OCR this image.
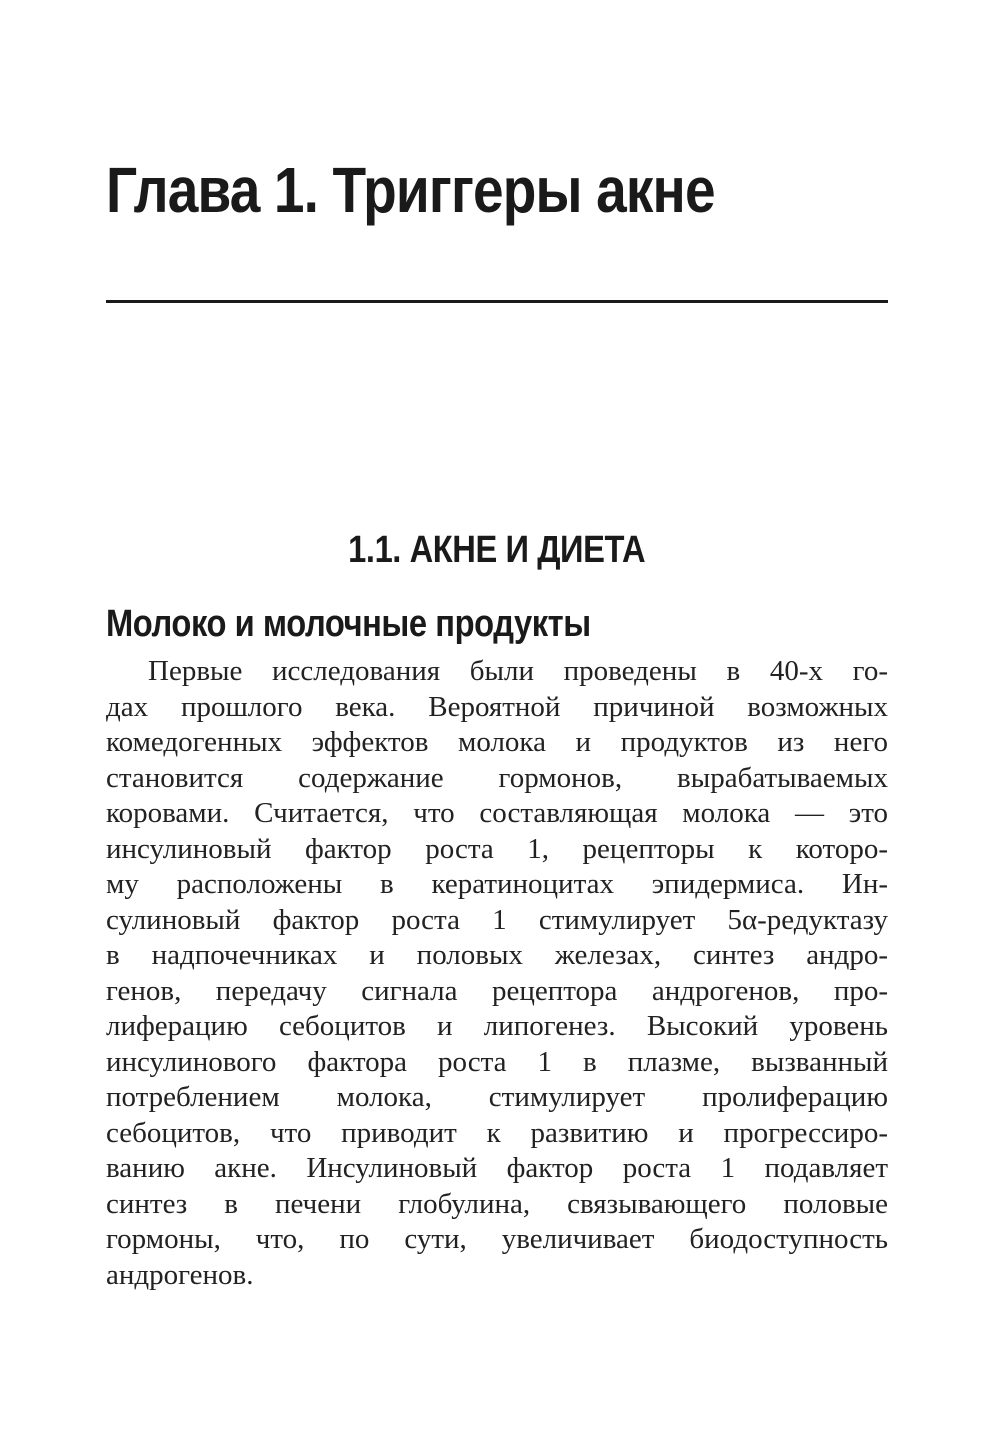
Глава 1. Триггеры акне
1.1. АКНЕ И ДИЕТА
Молоко и молочные продукты

Первые исследования были проведены в 40-х го-
дах прошлого века. Вероятной причиной возможных
комедогенных эффектов молока и продуктов из него
становится содержание гормонов, вырабатываемых
коровами. Считается, что составляющая молока — это
инсулиновый фактор роста 1, рецепторы к которо-
му расположены в кератиноцитах эпидермиса. Ин-
сулиновый фактор роста 1 стимулирует 5α-редуктазу
в надпочечниках и половых железах, синтез андро-
генов, передачу сигнала рецептора андрогенов, про-
лиферацию себоцитов и липогенез. Высокий уровень
инсулинового фактора роста 1 в плазме, вызванный
потреблением молока, стимулирует пролиферацию
себоцитов, что приводит к развитию и прогрессиро-
ванию акне. Инсулиновый фактор роста 1 подавляет
синтез в печени глобулина, связывающего половые
гормоны, что, по сути, увеличивает биодоступность
андрогенов.
